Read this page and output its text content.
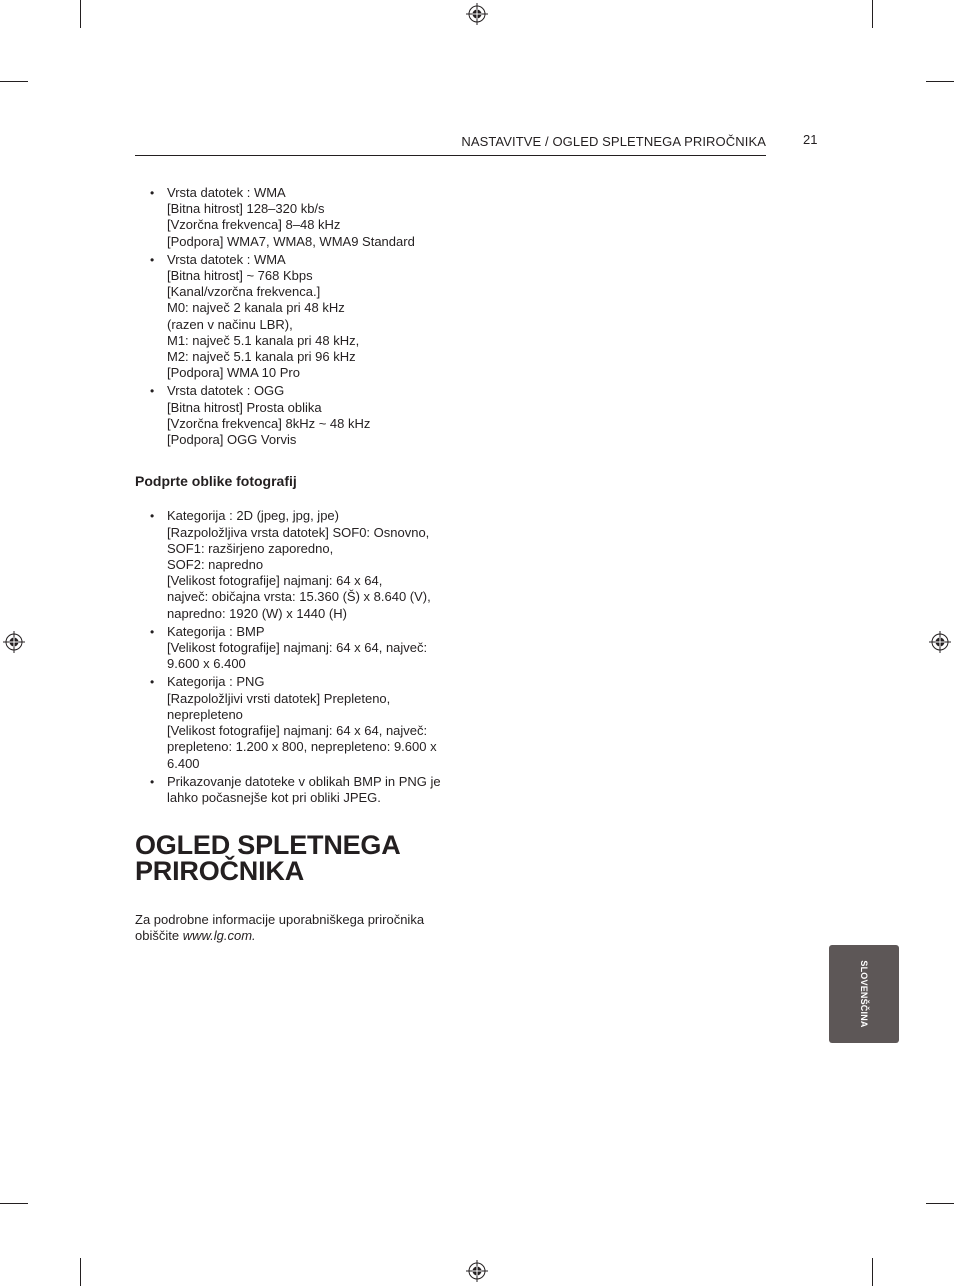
NASTAVITVE / OGLED SPLETNEGA PRIROČNIKA	21
• Vrsta datotek : WMA
[Bitna hitrost] 128–320 kb/s
[Vzorčna frekvenca] 8–48 kHz
[Podpora] WMA7, WMA8, WMA9 Standard
• Vrsta datotek : WMA
[Bitna hitrost] ~ 768 Kbps
[Kanal/vzorčna frekvenca.]
M0: največ 2 kanala pri 48 kHz
(razen v načinu LBR),
M1: največ 5.1 kanala pri 48 kHz,
M2: največ 5.1 kanala pri 96 kHz
[Podpora] WMA 10 Pro
• Vrsta datotek : OGG
[Bitna hitrost] Prosta oblika
[Vzorčna frekvenca] 8kHz ~ 48 kHz
[Podpora] OGG Vorvis
Podprte oblike fotografij
• Kategorija : 2D (jpeg, jpg, jpe)
[Razpoložljiva vrsta datotek] SOF0: Osnovno,
SOF1: razširjeno zaporedno,
SOF2: napredno
[Velikost fotografije] najmanj: 64 x 64,
največ: običajna vrsta: 15.360 (Š) x 8.640 (V),
napredno: 1920 (W) x 1440 (H)
• Kategorija : BMP
[Velikost fotografije] najmanj: 64 x 64, največ:
9.600 x 6.400
• Kategorija : PNG
[Razpoložljivi vrsti datotek] Prepleteno,
neprepleteno
[Velikost fotografije] najmanj: 64 x 64, največ:
prepleteno: 1.200 x 800, neprepleteno: 9.600 x
6.400
• Prikazovanje datoteke v oblikah BMP in PNG je
lahko počasnejše kot pri obliki JPEG.
OGLED SPLETNEGA
PRIROČNIKA
Za podrobne informacije uporabniškega priročnika
obiščite www.lg.com.
SLOVENŠČINA
